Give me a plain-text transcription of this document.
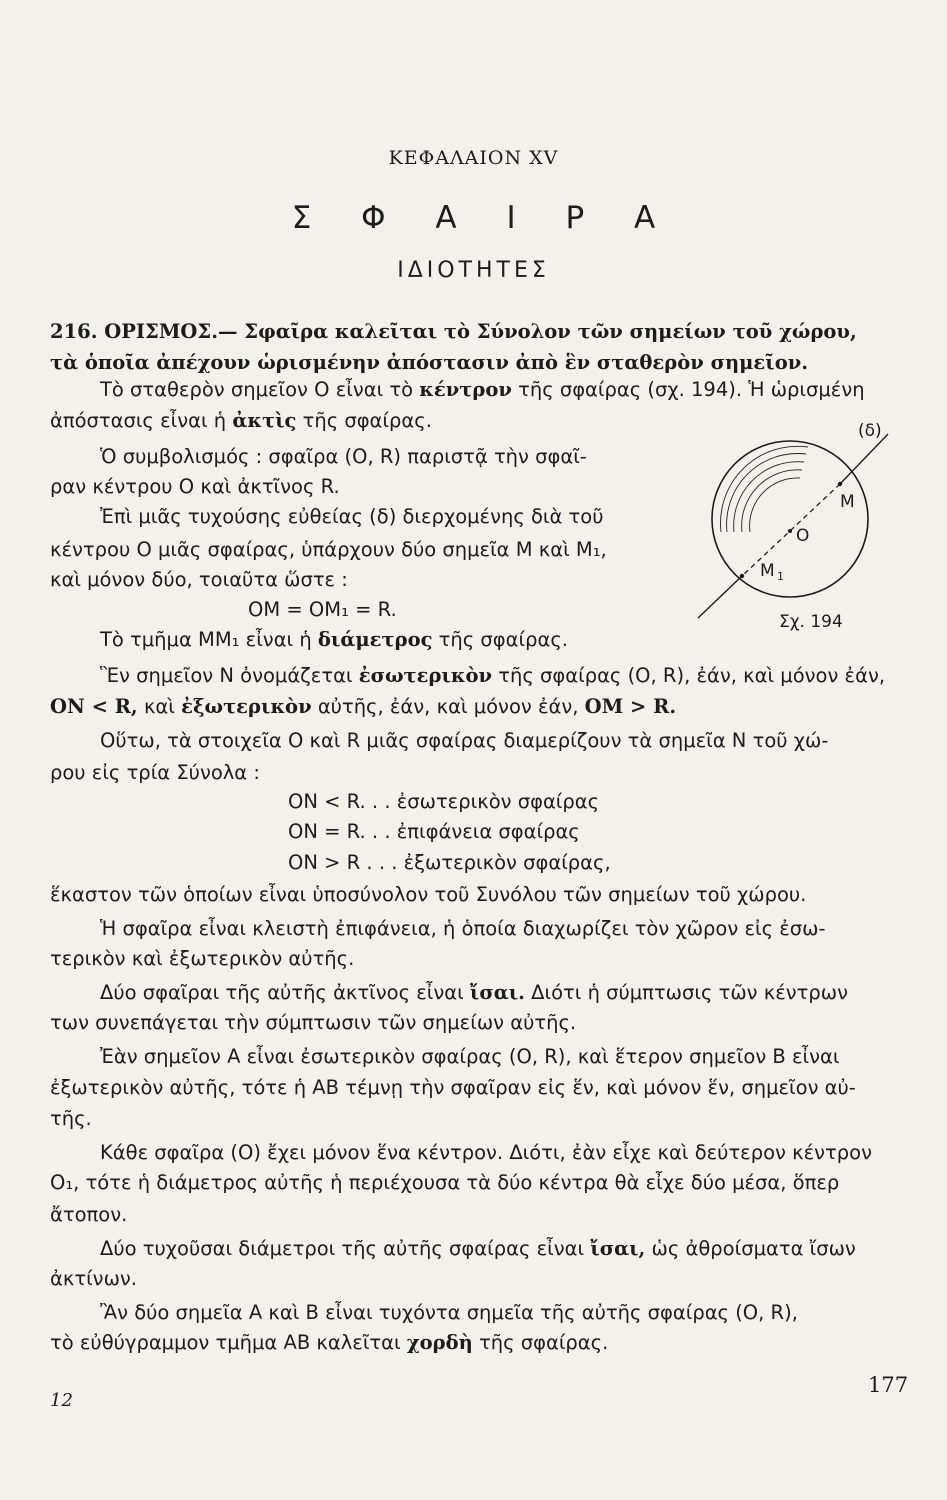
ΚΕΦΑΛΑΙΟΝ XV
Σ Φ Α Ι Ρ Α
ΙΔΙΟΤΗΤΕΣ
216. ΟΡΙΣΜΟΣ.— Σφαῖρα καλεῖται τὸ Σύνολον τῶν σημείων τοῦ χώρου,
τὰ ὁποῖα ἀπέχουν ὡρισμένην ἀπόστασιν ἀπὸ ἓν σταθερὸν σημεῖον.
Τὸ σταθερὸν σημεῖον Ο εἶναι τὸ κέντρον τῆς σφαίρας (σχ. 194). Ἡ ὡρισμένη
ἀπόστασις εἶναι ἡ ἀκτὶς τῆς σφαίρας.
Ὁ συμβολισμός : σφαῖρα (Ο, R) παριστᾷ τὴν σφαῖ-
ραν κέντρου Ο καὶ ἀκτῖνος R.
Ἐπὶ μιᾶς τυχούσης εὐθείας (δ) διερχομένης διὰ τοῦ
κέντρου Ο μιᾶς σφαίρας, ὑπάρχουν δύο σημεῖα Μ καὶ Μ₁,
καὶ μόνον δύο, τοιαῦτα ὥστε :
ΟΜ = ΟΜ₁ = R.
(δ)
Μ
Ο
Μ 1
Σχ. 194
Τὸ τμῆμα ΜΜ₁ εἶναι ἡ διάμετρος τῆς σφαίρας.
Ἓν σημεῖον Ν ὀνομάζεται ἐσωτερικὸν τῆς σφαίρας (Ο, R), ἐάν, καὶ μόνον ἐάν,
ΟΝ < R, καὶ ἐξωτερικὸν αὐτῆς, ἐάν, καὶ μόνον ἐάν, ΟΜ > R.
Οὕτω, τὰ στοιχεῖα Ο καὶ R μιᾶς σφαίρας διαμερίζουν τὰ σημεῖα Ν τοῦ χώ-
ρου εἰς τρία Σύνολα :
ΟΝ < R. . . ἐσωτερικὸν σφαίρας
ΟΝ = R. . . ἐπιφάνεια σφαίρας
ΟΝ > R . . . ἐξωτερικὸν σφαίρας,
ἕκαστον τῶν ὁποίων εἶναι ὑποσύνολον τοῦ Συνόλου τῶν σημείων τοῦ χώρου.
Ἡ σφαῖρα εἶναι κλειστὴ ἐπιφάνεια, ἡ ὁποία διαχωρίζει τὸν χῶρον εἰς ἐσω-
τερικὸν καὶ ἐξωτερικὸν αὐτῆς.
Δύο σφαῖραι τῆς αὐτῆς ἀκτῖνος εἶναι ἴσαι. Διότι ἡ σύμπτωσις τῶν κέντρων
των συνεπάγεται τὴν σύμπτωσιν τῶν σημείων αὐτῆς.
Ἐὰν σημεῖον Α εἶναι ἐσωτερικὸν σφαίρας (Ο, R), καὶ ἕτερον σημεῖον Β εἶναι
ἐξωτερικὸν αὐτῆς, τότε ἡ ΑΒ τέμνῃ τὴν σφαῖραν εἰς ἕν, καὶ μόνον ἕν, σημεῖον αὐ-
τῆς.
Κάθε σφαῖρα (Ο) ἔχει μόνον ἕνα κέντρον. Διότι, ἐὰν εἶχε καὶ δεύτερον κέντρον
Ο₁, τότε ἡ διάμετρος αὐτῆς ἡ περιέχουσα τὰ δύο κέντρα θὰ εἶχε δύο μέσα, ὅπερ
ἄτοπον.
Δύο τυχοῦσαι διάμετροι τῆς αὐτῆς σφαίρας εἶναι ἴσαι, ὡς ἀθροίσματα ἴσων
ἀκτίνων.
Ἂν δύο σημεῖα Α καὶ Β εἶναι τυχόντα σημεῖα τῆς αὐτῆς σφαίρας (Ο, R),
τὸ εὐθύγραμμον τμῆμα ΑΒ καλεῖται χορδὴ τῆς σφαίρας.
12
177
